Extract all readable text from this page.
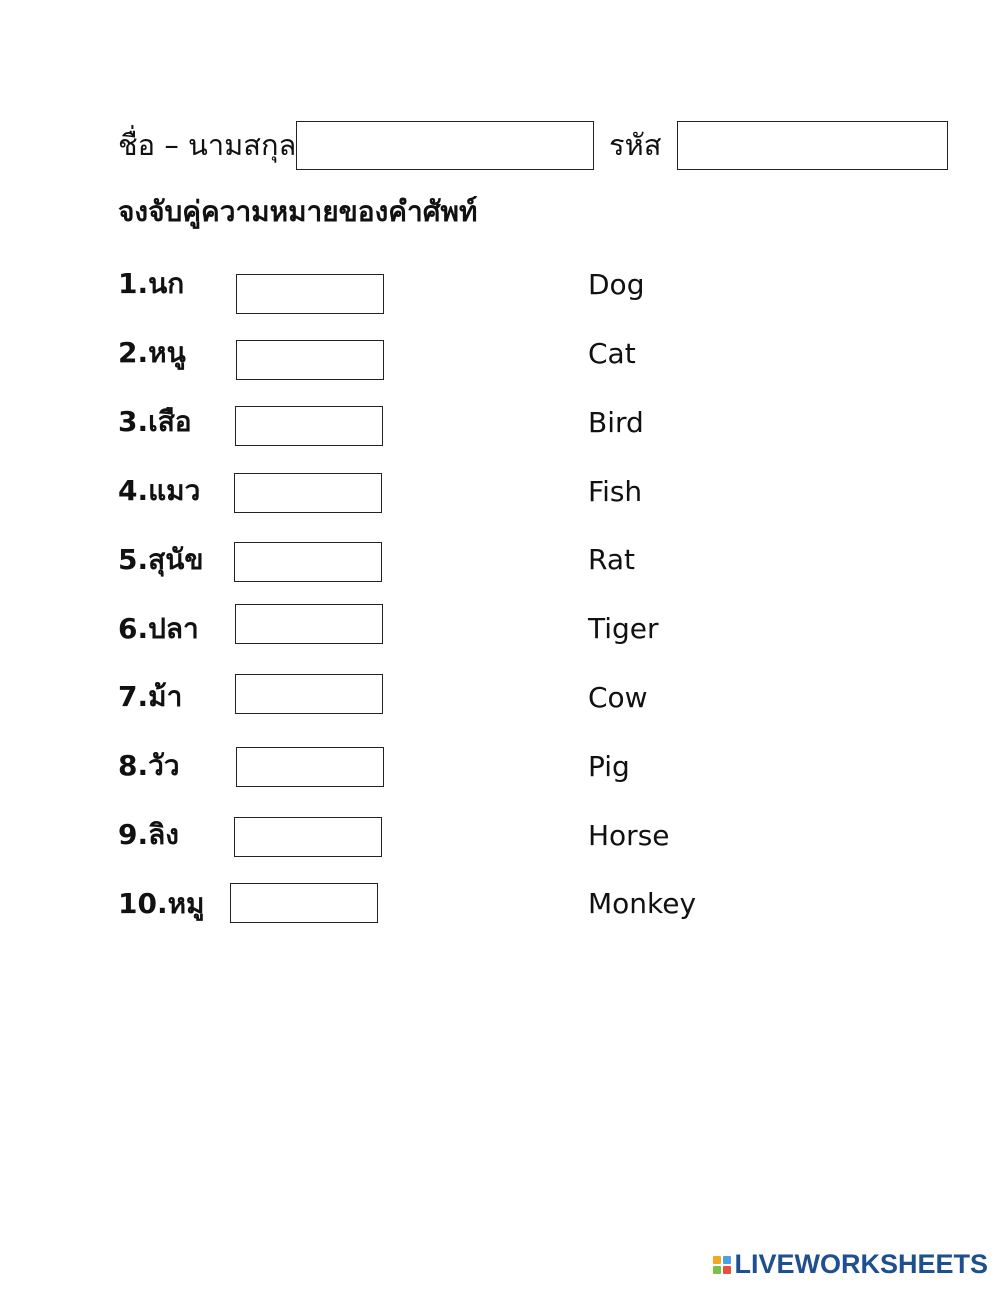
ชื่อ – นามสกุล	รหัส
จงจับคู่ความหมายของคำศัพท์
1.นก
2.หนู
3.เสือ
4.แมว
5.สุนัข
6.ปลา
7.ม้า
8.วัว
9.ลิง
10.หมู
Dog
Cat
Bird
Fish
Rat
Tiger
Cow
Pig
Horse
Monkey
LIVEWORKSHEETS
